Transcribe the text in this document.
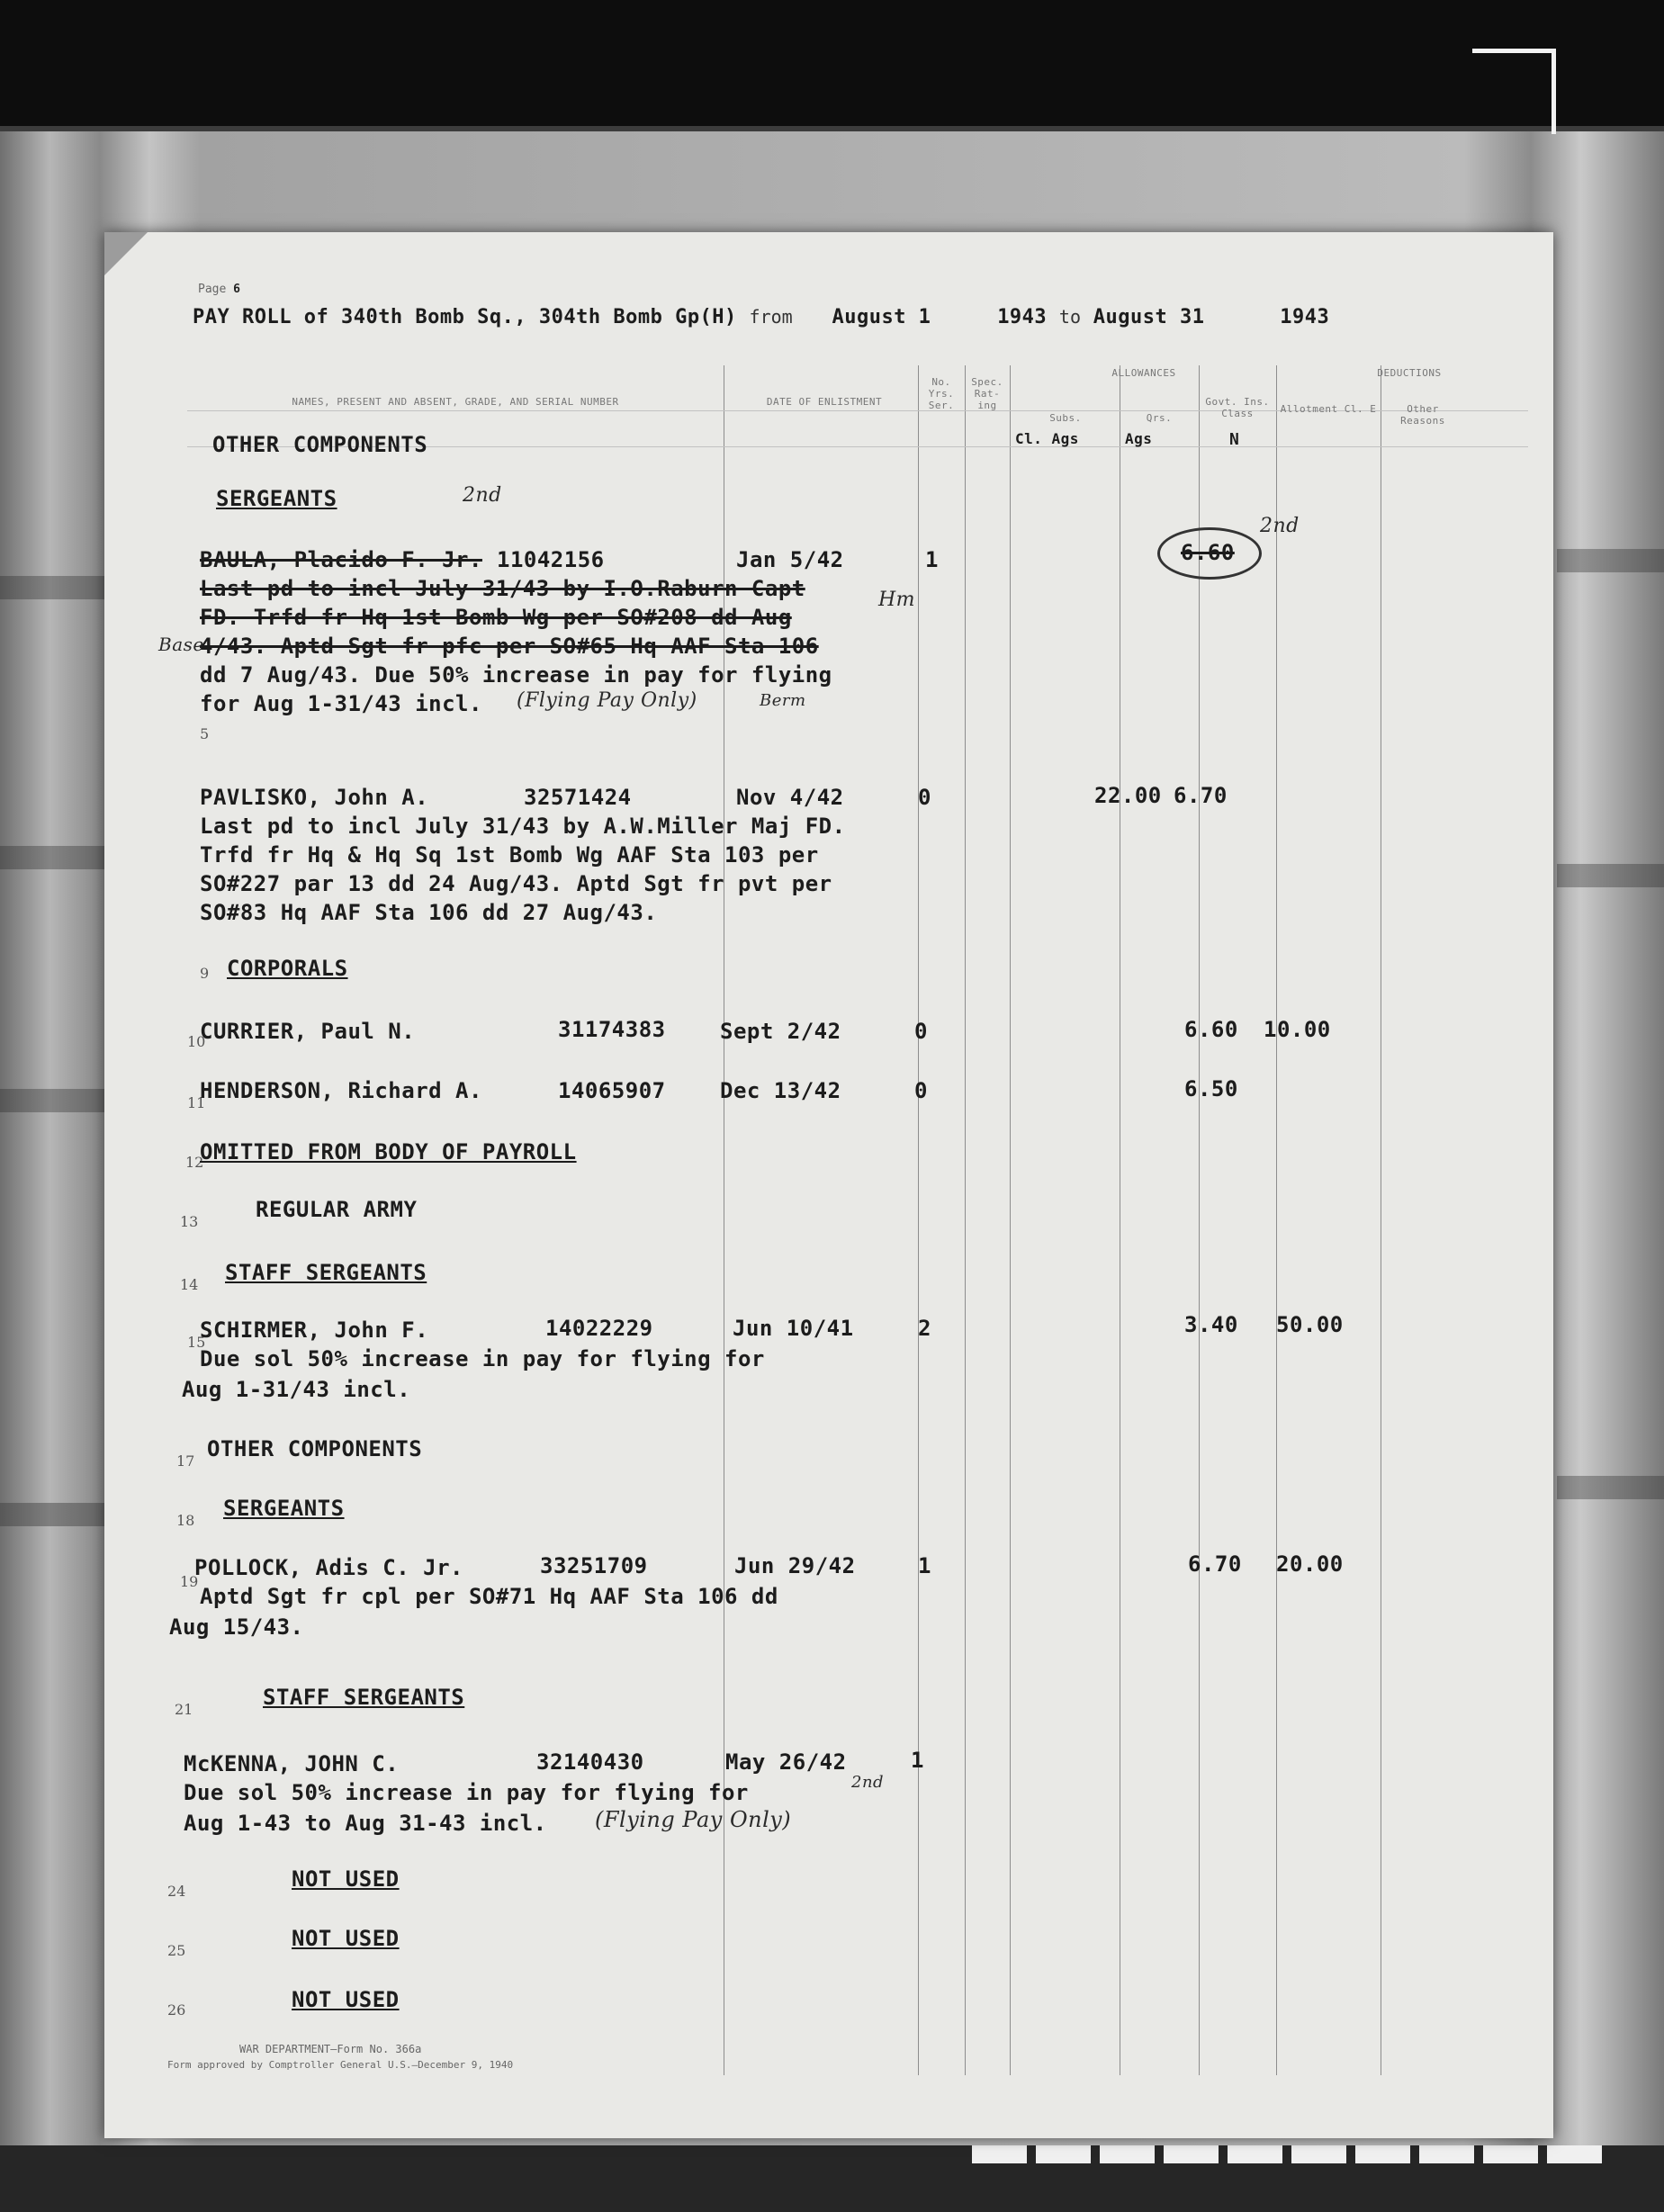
Page 6
PAY ROLL of 340th Bomb Sq., 304th Bomb Gp(H) from August 1	1943 to August 31	1943
NAMES, PRESENT AND ABSENT, GRADE, AND SERIAL NUMBER	DATE OF ENLISTMENT
No. Yrs. Ser.
Spec. Rat- ing
ALLOWANCES	DEDUCTIONS
Subs.	Qrs.
Govt. Ins. Class	Allotment Cl. E	Other Reasons
Cl. Ags	Ags	N
OTHER COMPONENTS
SERGEANTS	2nd
BAULA, Placido F. Jr. 11042156	Jan 5/42	1	6.60
2nd
Hm
Base
Last pd to incl July 31/43 by I.O.Raburn Capt
FD. Trfd fr Hq 1st Bomb Wg per SO#208 dd Aug
4/43. Aptd Sgt fr pfc per SO#65 Hq AAF Sta 106
dd 7 Aug/43. Due 50% increase in pay for flying
for Aug 1-31/43 incl. (Flying Pay Only)	Berm
5
PAVLISKO, John A.	32571424	Nov 4/42	0	22.00 6.70
Last pd to incl July 31/43 by A.W.Miller Maj FD.
Trfd fr Hq & Hq Sq 1st Bomb Wg AAF Sta 103 per
SO#227 par 13 dd 24 Aug/43. Aptd Sgt fr pvt per
SO#83 Hq AAF Sta 106 dd 27 Aug/43.
9 CORPORALS
10
CURRIER, Paul N.	31174383	Sept 2/42	0	6.60 10.00
11
HENDERSON, Richard A.	14065907	Dec 13/42	0	6.50
12
OMITTED FROM BODY OF PAYROLL
13	REGULAR ARMY
14 STAFF SERGEANTS
15
SCHIRMER, John F.	14022229	Jun 10/41	2	3.40 50.00
Due sol 50% increase in pay for flying for
Aug 1-31/43 incl.
17 OTHER COMPONENTS
18 SERGEANTS
19
POLLOCK, Adis C. Jr.	33251709	Jun 29/42	1	6.70 20.00
Aptd Sgt fr cpl per SO#71 Hq AAF Sta 106 dd
Aug 15/43.
21	STAFF SERGEANTS
McKENNA, JOHN C.	32140430	May 26/42	1
2nd
Due sol 50% increase in pay for flying for
Aug 1-43 to Aug 31-43 incl. (Flying Pay Only)
24	NOT USED
25	NOT USED
26	NOT USED
WAR DEPARTMENT—Form No. 366a
Form approved by Comptroller General U.S.—December 9, 1940
